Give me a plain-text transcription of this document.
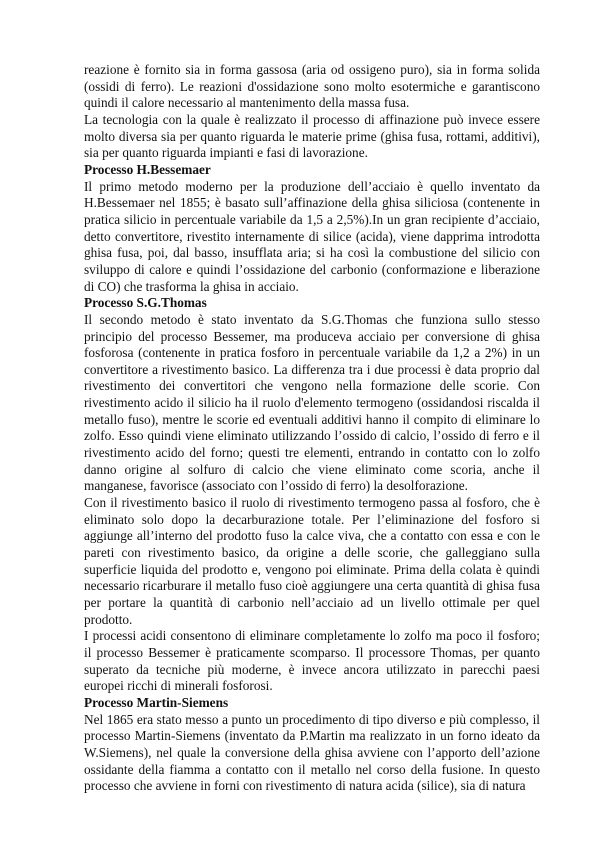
reazione è fornito sia in forma gassosa (aria od ossigeno puro), sia in forma solida (ossidi di ferro). Le reazioni d'ossidazione sono molto esotermiche e garantiscono quindi il calore necessario al mantenimento della massa fusa.

La tecnologia con la quale è realizzato il processo di affinazione può invece essere molto diversa sia per quanto riguarda le materie prime (ghisa fusa, rottami, additivi), sia per quanto riguarda impianti e fasi di lavorazione.

Processo H.Bessemaer

Il primo metodo moderno per la produzione dell’acciaio è quello inventato da H.Bessemaer nel 1855; è basato sull’affinazione della ghisa siliciosa (contenente in pratica silicio in percentuale variabile da 1,5 a 2,5%).In un gran recipiente d’acciaio, detto convertitore, rivestito internamente di silice (acida), viene dapprima introdotta ghisa fusa, poi, dal basso, insufflata aria; si ha così la combustione del silicio con sviluppo di calore e quindi l’ossidazione del carbonio (conformazione e liberazione di CO) che trasforma la ghisa in acciaio.

Processo S.G.Thomas

Il secondo metodo è stato inventato da S.G.Thomas che funziona sullo stesso principio del processo Bessemer, ma produceva acciaio per conversione di ghisa fosforosa (contenente in pratica fosforo in percentuale variabile da 1,2 a 2%) in un convertitore a rivestimento basico. La differenza tra i due processi è data proprio dal rivestimento dei convertitori che vengono nella formazione delle scorie. Con rivestimento acido il silicio ha il ruolo d'elemento termogeno (ossidandosi riscalda il metallo fuso), mentre le scorie ed eventuali additivi hanno il compito di eliminare lo zolfo. Esso quindi viene eliminato utilizzando l’ossido di calcio, l’ossido di ferro e il rivestimento acido del forno; questi tre elementi, entrando in contatto con lo zolfo danno origine al solfuro di calcio che viene eliminato come scoria, anche il manganese, favorisce (associato con l’ossido di ferro) la desolforazione.

Con il rivestimento basico il ruolo di rivestimento termogeno passa al fosforo, che è eliminato solo dopo la decarburazione totale. Per l’eliminazione del fosforo si aggiunge all’interno del prodotto fuso la calce viva, che a contatto con essa e con le pareti con rivestimento basico, da origine a delle scorie, che galleggiano sulla superficie liquida del prodotto e, vengono poi eliminate. Prima della colata è quindi necessario ricarburare il metallo fuso cioè aggiungere una certa quantità di ghisa fusa per portare la quantità di carbonio nell’acciaio ad un livello ottimale per quel prodotto.

I processi acidi consentono di eliminare completamente lo zolfo ma poco il fosforo; il processo Bessemer è praticamente scomparso. Il processore Thomas, per quanto superato da tecniche più moderne, è invece ancora utilizzato in parecchi paesi europei ricchi di minerali fosforosi.

Processo Martin-Siemens

Nel 1865 era stato messo a punto un procedimento di tipo diverso e più complesso, il processo Martin-Siemens (inventato da P.Martin ma realizzato in un forno ideato da W.Siemens), nel quale la conversione della ghisa avviene con l’apporto dell’azione ossidante della fiamma a contatto con il metallo nel corso della fusione. In questo processo che avviene in forni con rivestimento di natura acida (silice), sia di natura
